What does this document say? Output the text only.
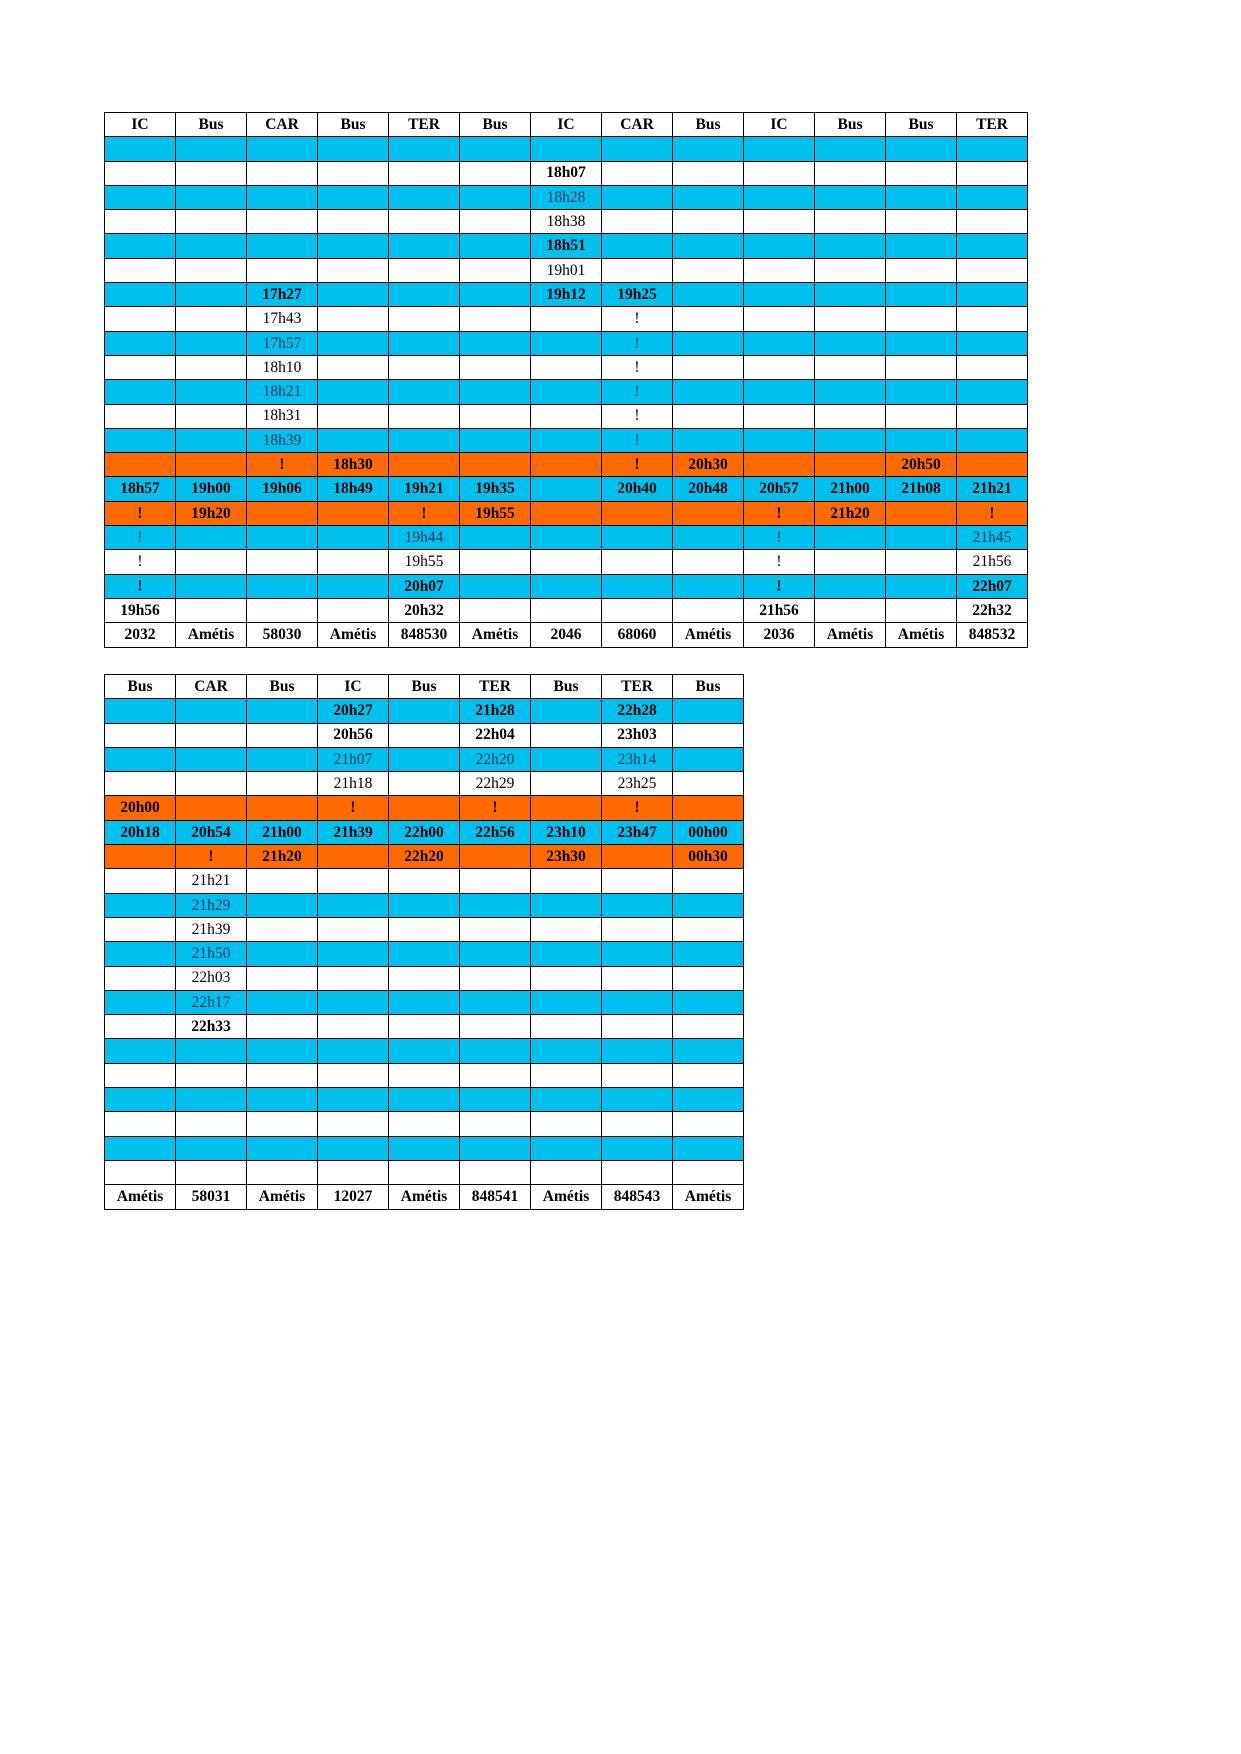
IC	Bus	CAR	Bus	TER	Bus	IC	CAR	Bus	IC	Bus	Bus	TER

						18h07						
						18h28						
						18h38						
						18h51						
						19h01						
		17h27				19h12	19h25					
		17h43					!					
		17h57					!					
		18h10					!					
		18h21					!					
		18h31					!					
		18h39					!					
		!	18h30				!	20h30			20h50	
18h57	19h00	19h06	18h49	19h21	19h35		20h40	20h48	20h57	21h00	21h08	21h21
!	19h20			!	19h55				!	21h20		!
!				19h44					!			21h45
!				19h55					!			21h56
!				20h07					!			22h07
19h56				20h32					21h56			22h32
2032	Amétis	58030	Amétis	848530	Amétis	2046	68060	Amétis	2036	Amétis	Amétis	848532
Bus	CAR	Bus	IC	Bus	TER	Bus	TER	Bus
			20h27		21h28		22h28	
			20h56		22h04		23h03	
			21h07		22h20		23h14	
			21h18		22h29		23h25	
20h00			!		!		!	
20h18	20h54	21h00	21h39	22h00	22h56	23h10	23h47	00h00
	!	21h20		22h20		23h30		00h30
	21h21							
	21h29							
	21h39							
	21h50							
	22h03							
	22h17							
	22h33							

Amétis	58031	Amétis	12027	Amétis	848541	Amétis	848543	Amétis
